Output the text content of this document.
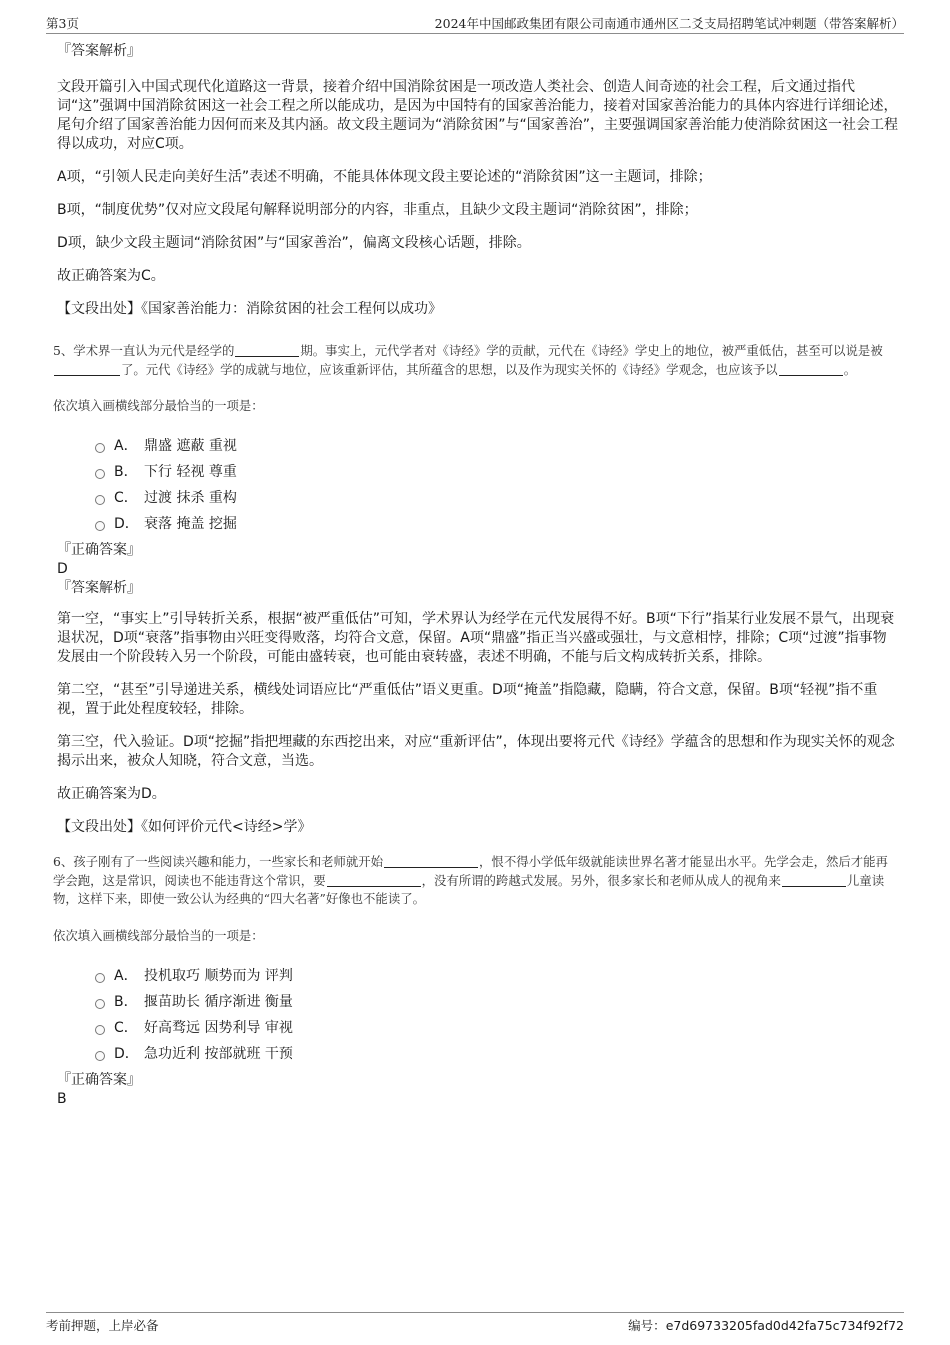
第3页	2024年中国邮政集团有限公司南通市通州区二爻支局招聘笔试冲刺题（带答案解析）

『答案解析』

文段开篇引入中国式现代化道路这一背景，接着介绍中国消除贫困是一项改造人类社会、创造人间奇迹的社会工程，后文通过指代词“这”强调中国消除贫困这一社会工程之所以能成功，是因为中国特有的国家善治能力，接着对国家善治能力的具体内容进行详细论述，尾句介绍了国家善治能力因何而来及其内涵。故文段主题词为“消除贫困”与“国家善治”，主要强调国家善治能力使消除贫困这一社会工程得以成功，对应C项。

A项，“引领人民走向美好生活”表述不明确，不能具体体现文段主要论述的“消除贫困”这一主题词，排除；

B项，“制度优势”仅对应文段尾句解释说明部分的内容，非重点，且缺少文段主题词“消除贫困”，排除；

D项，缺少文段主题词“消除贫困”与“国家善治”，偏离文段核心话题，排除。

故正确答案为C。

【文段出处】《国家善治能力：消除贫困的社会工程何以成功》

5、学术界一直认为元代是经学的	期。事实上，元代学者对《诗经》学的贡献，元代在《诗经》学史上的地位，被严重低估，甚至可以说是被了。元代《诗经》学的成就与地位，应该重新评估，其所蕴含的思想，以及作为现实关怀的《诗经》学观念，也应该予以	。

依次填入画横线部分最恰当的一项是：

A． 鼎盛 遮蔽 重视
B． 下行 轻视 尊重
C． 过渡 抹杀 重构
D． 衰落 掩盖 挖掘

『正确答案』

D

『答案解析』

第一空，“事实上”引导转折关系，根据“被严重低估”可知，学术界认为经学在元代发展得不好。B项“下行”指某行业发展不景气，出现衰退状况，D项“衰落”指事物由兴旺变得败落，均符合文意，保留。A项“鼎盛”指正当兴盛或强壮，与文意相悖，排除；C项“过渡”指事物发展由一个阶段转入另一个阶段，可能由盛转衰，也可能由衰转盛，表述不明确，不能与后文构成转折关系，排除。

第二空，“甚至”引导递进关系，横线处词语应比“严重低估”语义更重。D项“掩盖”指隐藏，隐瞒，符合文意，保留。B项“轻视”指不重视，置于此处程度较轻，排除。

第三空，代入验证。D项“挖掘”指把埋藏的东西挖出来，对应“重新评估”，体现出要将元代《诗经》学蕴含的思想和作为现实关怀的观念揭示出来，被众人知晓，符合文意，当选。

故正确答案为D。

【文段出处】《如何评价元代<诗经>学》

6、孩子刚有了一些阅读兴趣和能力，一些家长和老师就开始	，恨不得小学低年级就能读世界名著才能显出水平。先学会走，然后才能再学会跑，这是常识，阅读也不能违背这个常识，要	，没有所谓的跨越式发展。另外，很多家长和老师从成人的视角来	儿童读物，这样下来，即使一致公认为经典的“四大名著”好像也不能读了。

依次填入画横线部分最恰当的一项是：

A． 投机取巧 顺势而为 评判
B． 揠苗助长 循序渐进 衡量
C． 好高骛远 因势利导 审视
D． 急功近利 按部就班 干预

『正确答案』

B

考前押题，上岸必备	编号：e7d69733205fad0d42fa75c734f92f72
